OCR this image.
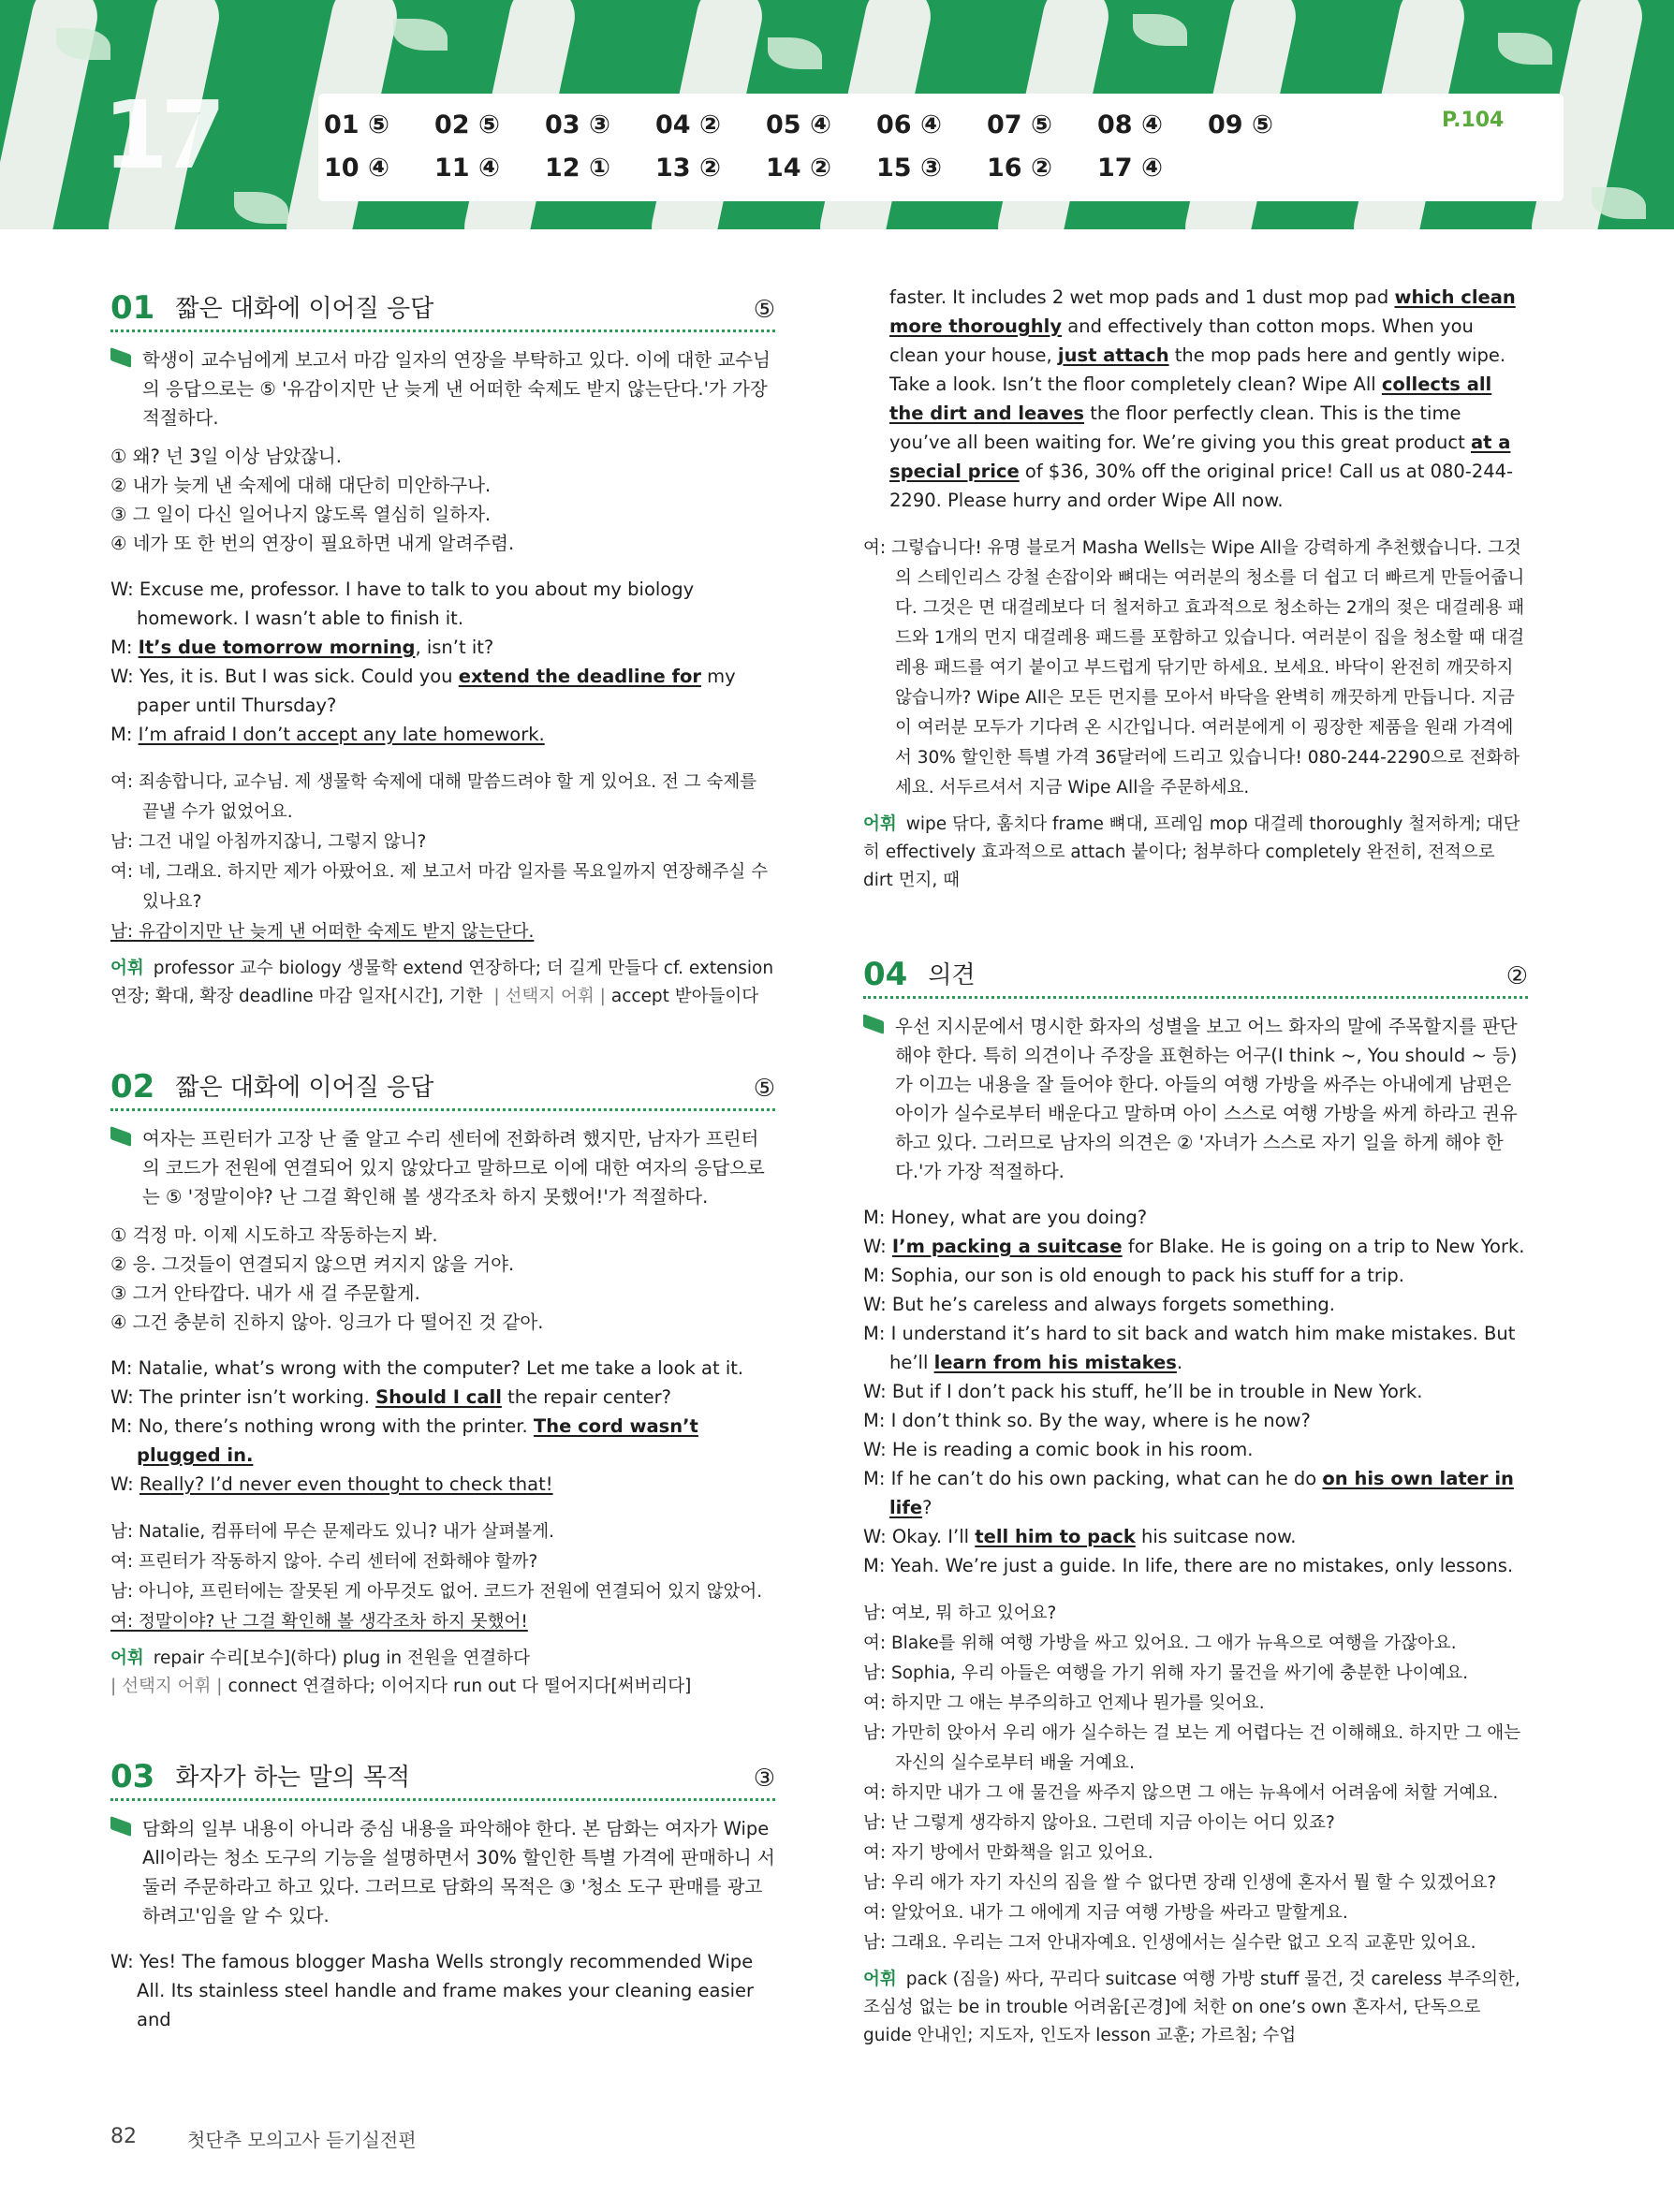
17	01 ⑤ 02 ⑤ 03 ③ 04 ② 05 ④ 06 ④ 07 ⑤ 08 ④ 09 ⑤
10 ④ 11 ④ 12 ① 13 ② 14 ② 15 ③ 16 ② 17 ④
P.104
01 짧은 대화에 이어질 응답	⑤
학생이 교수님에게 보고서 마감 일자의 연장을 부탁하고 있다. 이에 대한 교수님의 응답으로는 ⑤ '유감이지만 난 늦게 낸 어떠한 숙제도 받지 않는단다.'가 가장 적절하다.
① 왜? 넌 3일 이상 남았잖니.
② 내가 늦게 낸 숙제에 대해 대단히 미안하구나.
③ 그 일이 다신 일어나지 않도록 열심히 일하자.
④ 네가 또 한 번의 연장이 필요하면 내게 알려주렴.
W: Excuse me, professor. I have to talk to you about my biology homework. I wasn’t able to finish it.
M: It’s due tomorrow morning, isn’t it?
W: Yes, it is. But I was sick. Could you extend the deadline for my paper until Thursday?
M: I’m afraid I don’t accept any late homework.
여: 죄송합니다, 교수님. 제 생물학 숙제에 대해 말씀드려야 할 게 있어요. 전 그 숙제를 끝낼 수가 없었어요.
남: 그건 내일 아침까지잖니, 그렇지 않니?
여: 네, 그래요. 하지만 제가 아팠어요. 제 보고서 마감 일자를 목요일까지 연장해주실 수 있나요?
남: 유감이지만 난 늦게 낸 어떠한 숙제도 받지 않는단다.
어휘 professor 교수 biology 생물학 extend 연장하다; 더 길게 만들다 cf. extension 연장; 확대, 확장 deadline 마감 일자[시간], 기한 | 선택지 어휘 | accept 받아들이다
02 짧은 대화에 이어질 응답	⑤
여자는 프린터가 고장 난 줄 알고 수리 센터에 전화하려 했지만, 남자가 프린터의 코드가 전원에 연결되어 있지 않았다고 말하므로 이에 대한 여자의 응답으로는 ⑤ '정말이야? 난 그걸 확인해 볼 생각조차 하지 못했어!'가 적절하다.
① 걱정 마. 이제 시도하고 작동하는지 봐.
② 응. 그것들이 연결되지 않으면 켜지지 않을 거야.
③ 그거 안타깝다. 내가 새 걸 주문할게.
④ 그건 충분히 진하지 않아. 잉크가 다 떨어진 것 같아.
M: Natalie, what’s wrong with the computer? Let me take a look at it.
W: The printer isn’t working. Should I call the repair center?
M: No, there’s nothing wrong with the printer. The cord wasn’t plugged in.
W: Really? I’d never even thought to check that!
남: Natalie, 컴퓨터에 무슨 문제라도 있니? 내가 살펴볼게.
여: 프린터가 작동하지 않아. 수리 센터에 전화해야 할까?
남: 아니야, 프린터에는 잘못된 게 아무것도 없어. 코드가 전원에 연결되어 있지 않았어.
여: 정말이야? 난 그걸 확인해 볼 생각조차 하지 못했어!
어휘 repair 수리[보수](하다) plug in 전원을 연결하다
| 선택지 어휘 | connect 연결하다; 이어지다 run out 다 떨어지다[써버리다]
03 화자가 하는 말의 목적	③
담화의 일부 내용이 아니라 중심 내용을 파악해야 한다. 본 담화는 여자가 Wipe All이라는 청소 도구의 기능을 설명하면서 30% 할인한 특별 가격에 판매하니 서둘러 주문하라고 하고 있다. 그러므로 담화의 목적은 ③ '청소 도구 판매를 광고하려고'임을 알 수 있다.
W: Yes! The famous blogger Masha Wells strongly recommended Wipe All. Its stainless steel handle and frame makes your cleaning easier and
faster. It includes 2 wet mop pads and 1 dust mop pad which clean more thoroughly and effectively than cotton mops. When you clean your house, just attach the mop pads here and gently wipe. Take a look. Isn’t the floor completely clean? Wipe All collects all the dirt and leaves the floor perfectly clean. This is the time you’ve all been waiting for. We’re giving you this great product at a special price of $36, 30% off the original price! Call us at 080-244-2290. Please hurry and order Wipe All now.
여: 그렇습니다! 유명 블로거 Masha Wells는 Wipe All을 강력하게 추천했습니다. 그것의 스테인리스 강철 손잡이와 뼈대는 여러분의 청소를 더 쉽고 더 빠르게 만들어줍니다. 그것은 면 대걸레보다 더 철저하고 효과적으로 청소하는 2개의 젖은 대걸레용 패드와 1개의 먼지 대걸레용 패드를 포함하고 있습니다. 여러분이 집을 청소할 때 대걸레용 패드를 여기 붙이고 부드럽게 닦기만 하세요. 보세요. 바닥이 완전히 깨끗하지 않습니까? Wipe All은 모든 먼지를 모아서 바닥을 완벽히 깨끗하게 만듭니다. 지금이 여러분 모두가 기다려 온 시간입니다. 여러분에게 이 굉장한 제품을 원래 가격에서 30% 할인한 특별 가격 36달러에 드리고 있습니다! 080-244-2290으로 전화하세요. 서두르셔서 지금 Wipe All을 주문하세요.
어휘 wipe 닦다, 훔치다 frame 뼈대, 프레임 mop 대걸레 thoroughly 철저하게; 대단히 effectively 효과적으로 attach 붙이다; 첨부하다 completely 완전히, 전적으로 dirt 먼지, 때
04 의견	②
우선 지시문에서 명시한 화자의 성별을 보고 어느 화자의 말에 주목할지를 판단해야 한다. 특히 의견이나 주장을 표현하는 어구(I think ~, You should ~ 등)가 이끄는 내용을 잘 들어야 한다. 아들의 여행 가방을 싸주는 아내에게 남편은 아이가 실수로부터 배운다고 말하며 아이 스스로 여행 가방을 싸게 하라고 권유하고 있다. 그러므로 남자의 의견은 ② '자녀가 스스로 자기 일을 하게 해야 한다.'가 가장 적절하다.
M: Honey, what are you doing?
W: I’m packing a suitcase for Blake. He is going on a trip to New York.
M: Sophia, our son is old enough to pack his stuff for a trip.
W: But he’s careless and always forgets something.
M: I understand it’s hard to sit back and watch him make mistakes. But he’ll learn from his mistakes.
W: But if I don’t pack his stuff, he’ll be in trouble in New York.
M: I don’t think so. By the way, where is he now?
W: He is reading a comic book in his room.
M: If he can’t do his own packing, what can he do on his own later in life?
W: Okay. I’ll tell him to pack his suitcase now.
M: Yeah. We’re just a guide. In life, there are no mistakes, only lessons.
남: 여보, 뭐 하고 있어요?
여: Blake를 위해 여행 가방을 싸고 있어요. 그 애가 뉴욕으로 여행을 가잖아요.
남: Sophia, 우리 아들은 여행을 가기 위해 자기 물건을 싸기에 충분한 나이예요.
여: 하지만 그 애는 부주의하고 언제나 뭔가를 잊어요.
남: 가만히 앉아서 우리 애가 실수하는 걸 보는 게 어렵다는 건 이해해요. 하지만 그 애는 자신의 실수로부터 배울 거예요.
여: 하지만 내가 그 애 물건을 싸주지 않으면 그 애는 뉴욕에서 어려움에 처할 거예요.
남: 난 그렇게 생각하지 않아요. 그런데 지금 아이는 어디 있죠?
여: 자기 방에서 만화책을 읽고 있어요.
남: 우리 애가 자기 자신의 짐을 쌀 수 없다면 장래 인생에 혼자서 뭘 할 수 있겠어요?
여: 알았어요. 내가 그 애에게 지금 여행 가방을 싸라고 말할게요.
남: 그래요. 우리는 그저 안내자예요. 인생에서는 실수란 없고 오직 교훈만 있어요.
어휘 pack (짐을) 싸다, 꾸리다 suitcase 여행 가방 stuff 물건, 것 careless 부주의한, 조심성 없는 be in trouble 어려움[곤경]에 처한 on one’s own 혼자서, 단독으로 guide 안내인; 지도자, 인도자 lesson 교훈; 가르침; 수업
82	첫단추 모의고사 듣기실전편
